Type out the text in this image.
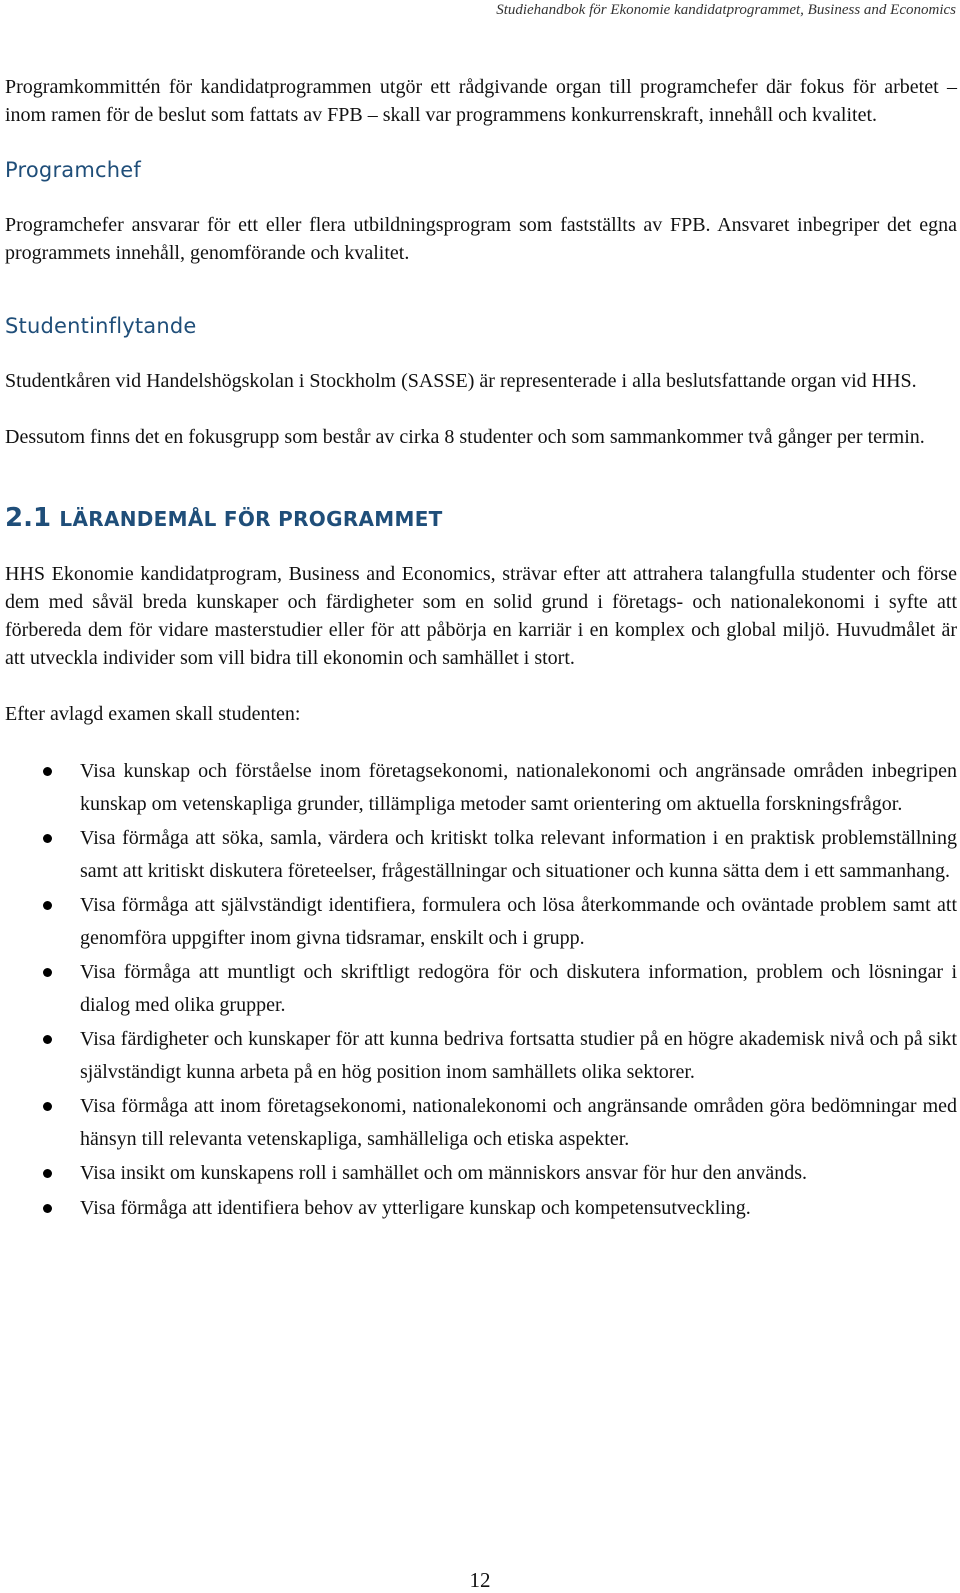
Studiehandbok för Ekonomie kandidatprogrammet, Business and Economics

Programkommittén för kandidatprogrammen utgör ett rådgivande organ till programchefer där fokus för arbetet – inom ramen för de beslut som fattats av FPB – skall var programmens konkurrenskraft, innehåll och kvalitet.

Programchef

Programchefer ansvarar för ett eller flera utbildningsprogram som fastställts av FPB. Ansvaret inbegriper det egna programmets innehåll, genomförande och kvalitet.

Studentinflytande

Studentkåren vid Handelshögskolan i Stockholm (SASSE) är representerade i alla beslutsfattande organ vid HHS.

Dessutom finns det en fokusgrupp som består av cirka 8 studenter och som sammankommer två gånger per termin.

2.1 LÄRANDEMÅL FÖR PROGRAMMET

HHS Ekonomie kandidatprogram, Business and Economics, strävar efter att attrahera talangfulla studenter och förse dem med såväl breda kunskaper och färdigheter som en solid grund i företags- och nationalekonomi i syfte att förbereda dem för vidare masterstudier eller för att påbörja en karriär i en komplex och global miljö. Huvudmålet är att utveckla individer som vill bidra till ekonomin och samhället i stort.

Efter avlagd examen skall studenten:

Visa kunskap och förståelse inom företagsekonomi, nationalekonomi och angränsade områden inbegripen kunskap om vetenskapliga grunder, tillämpliga metoder samt orientering om aktuella forskningsfrågor.
Visa förmåga att söka, samla, värdera och kritiskt tolka relevant information i en praktisk problemställning samt att kritiskt diskutera företeelser, frågeställningar och situationer och kunna sätta dem i ett sammanhang.
Visa förmåga att självständigt identifiera, formulera och lösa återkommande och oväntade problem samt att genomföra uppgifter inom givna tidsramar, enskilt och i grupp.
Visa förmåga att muntligt och skriftligt redogöra för och diskutera information, problem och lösningar i dialog med olika grupper.
Visa färdigheter och kunskaper för att kunna bedriva fortsatta studier på en högre akademisk nivå och på sikt självständigt kunna arbeta på en hög position inom samhällets olika sektorer.
Visa förmåga att inom företagsekonomi, nationalekonomi och angränsande områden göra bedömningar med hänsyn till relevanta vetenskapliga, samhälleliga och etiska aspekter.
Visa insikt om kunskapens roll i samhället och om människors ansvar för hur den används.
Visa förmåga att identifiera behov av ytterligare kunskap och kompetensutveckling.
12
